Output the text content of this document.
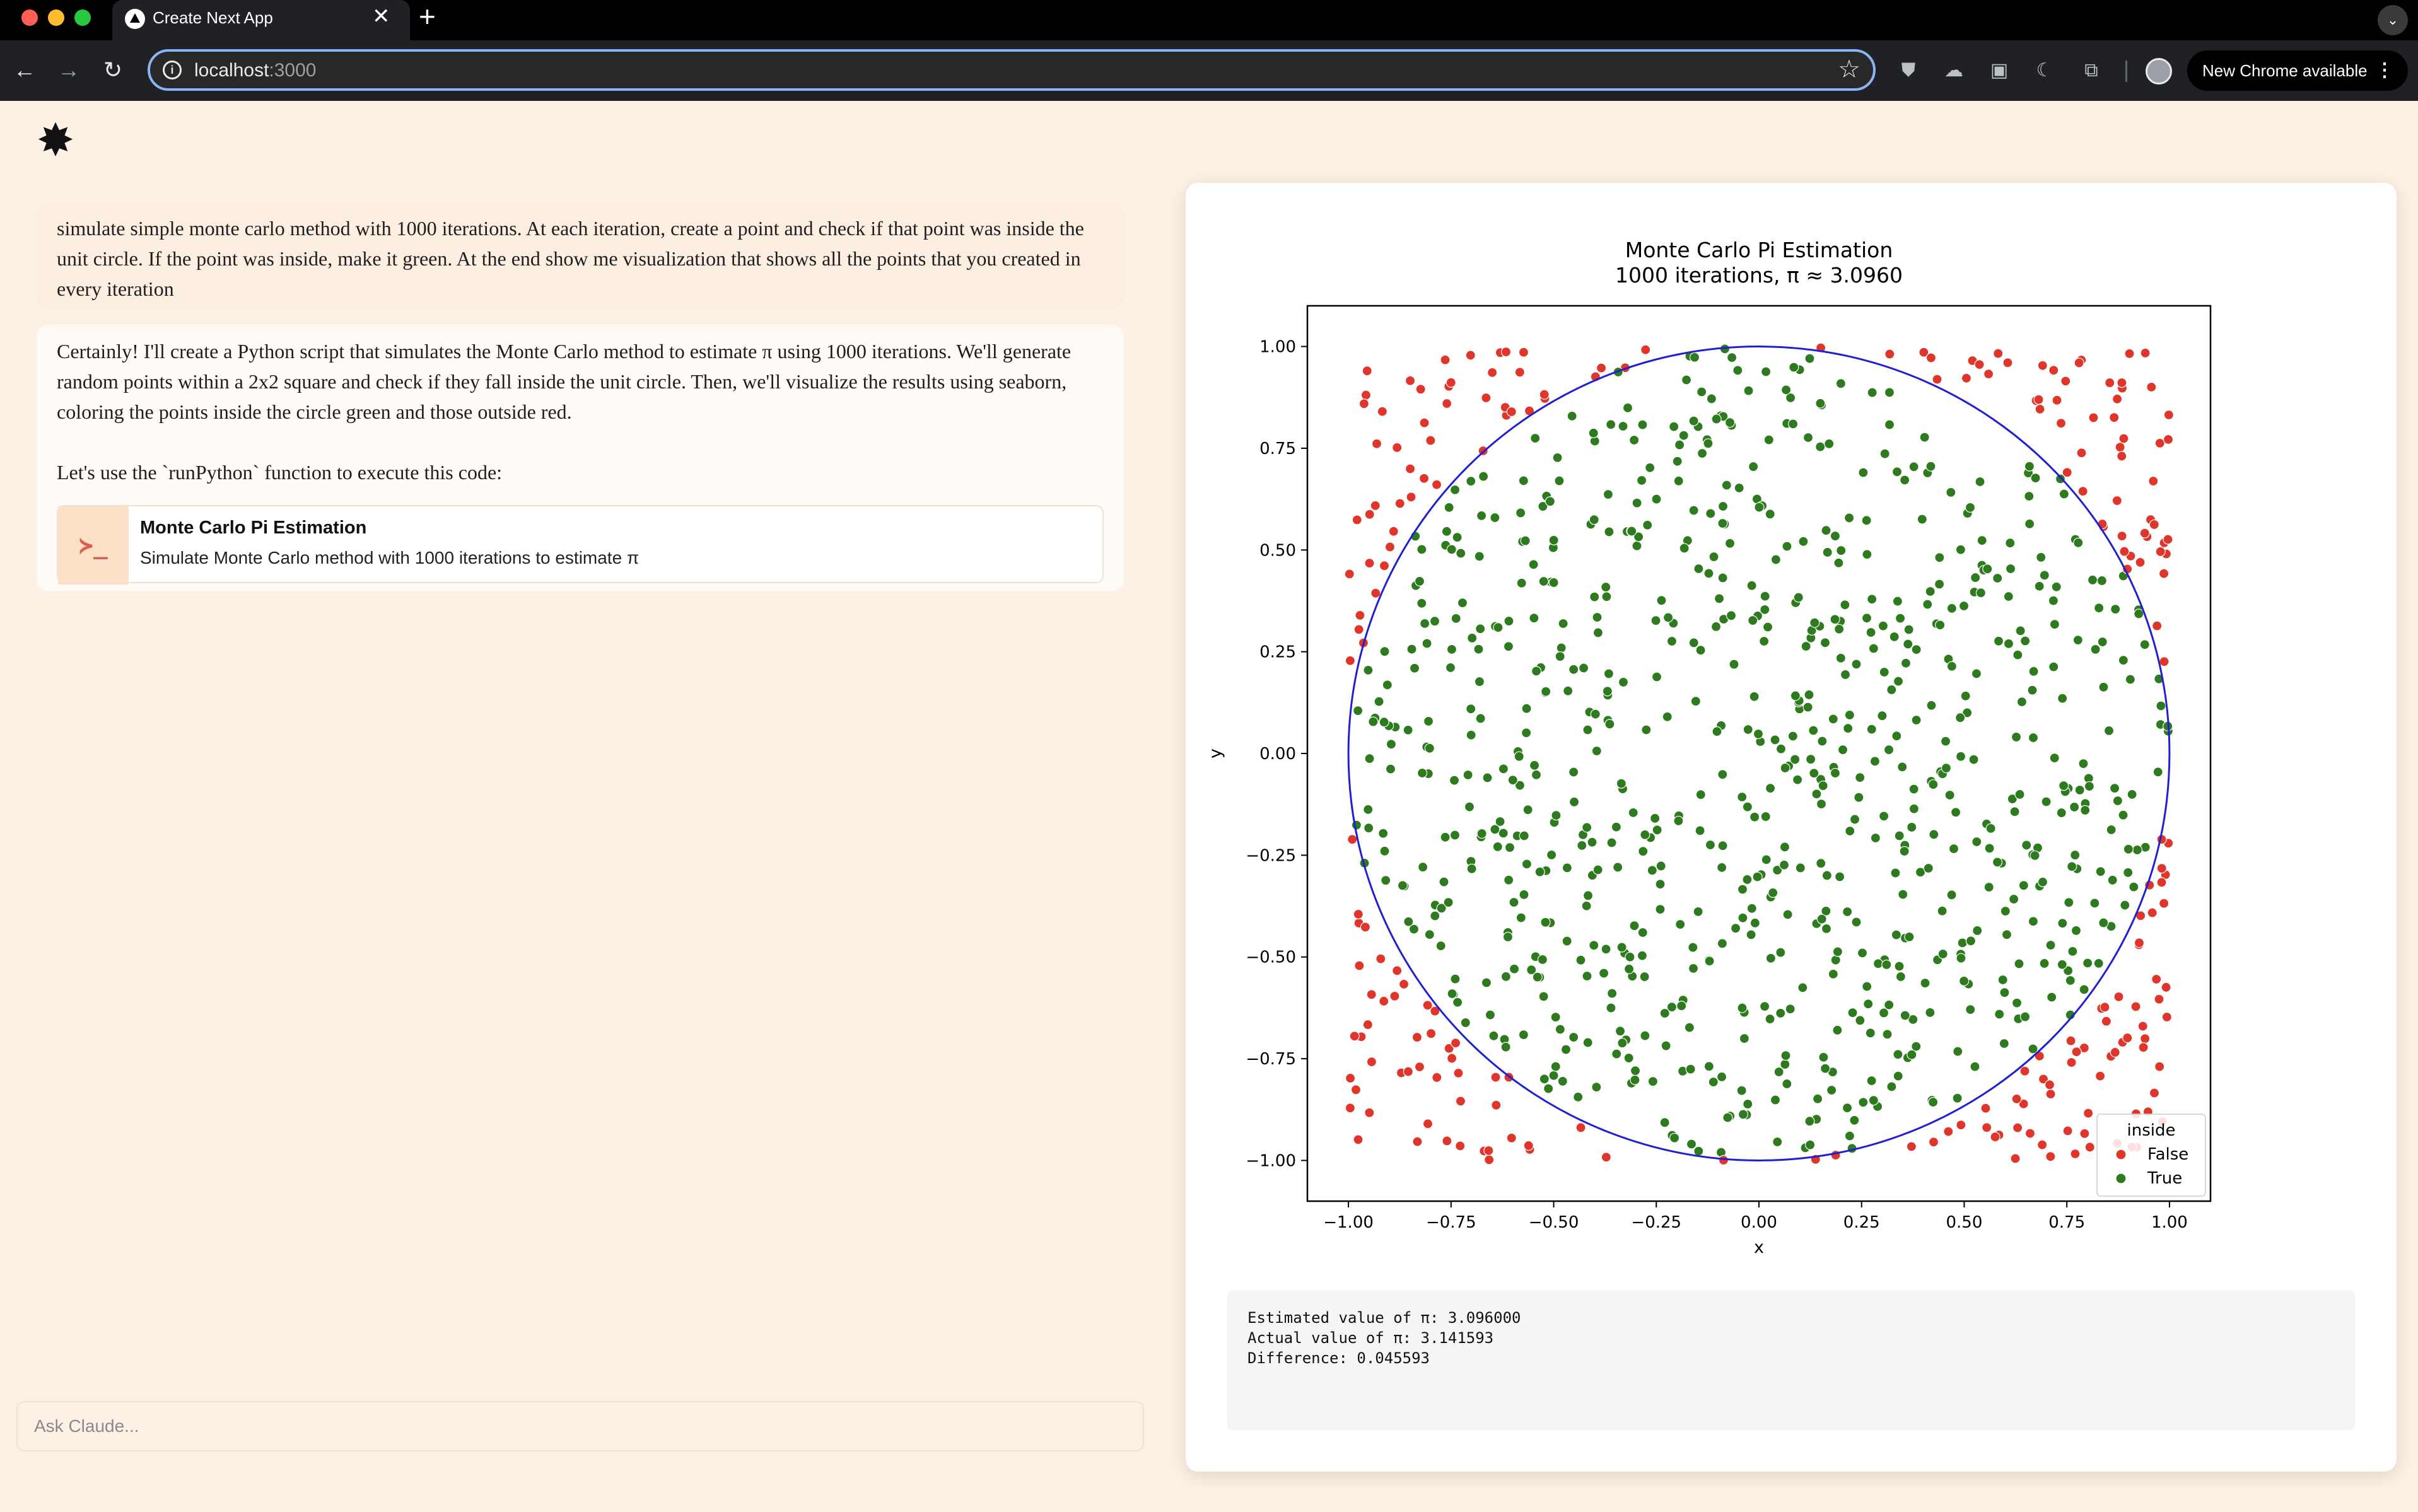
Create Next App	✕ +	⌄
← → ↻	i	localhost:3000	☆ ⛊ ☁ ▣ ☾	⧉	New Chrome available ⋮
✸
simulate simple monte carlo method with 1000 iterations. At each iteration, create a point and check if that point was inside the unit circle. If the point was inside, make it green. At the end show me visualization that shows all the points that you created in every iteration
Certainly! I'll create a Python script that simulates the Monte Carlo method to estimate π using 1000 iterations. We'll generate random points within a 2x2 square and check if they fall inside the unit circle. Then, we'll visualize the results using seaborn, coloring the points inside the circle green and those outside red.
Let's use the `runPython` function to execute this code:
≻_
Monte Carlo Pi Estimation
Simulate Monte Carlo method with 1000 iterations to estimate π
Ask Claude...
Monte Carlo Pi Estimation
1000 iterations, π ≈ 3.0960
−1.00	−0.75	−0.50	−0.25	0.00	0.25	0.50	0.75	1.00
−1.00
−0.75
−0.50
−0.25
0.00
0.25
0.50
0.75
1.00
x
y
inside
False
True
Estimated value of π: 3.096000
Actual value of π: 3.141593
Difference: 0.045593
